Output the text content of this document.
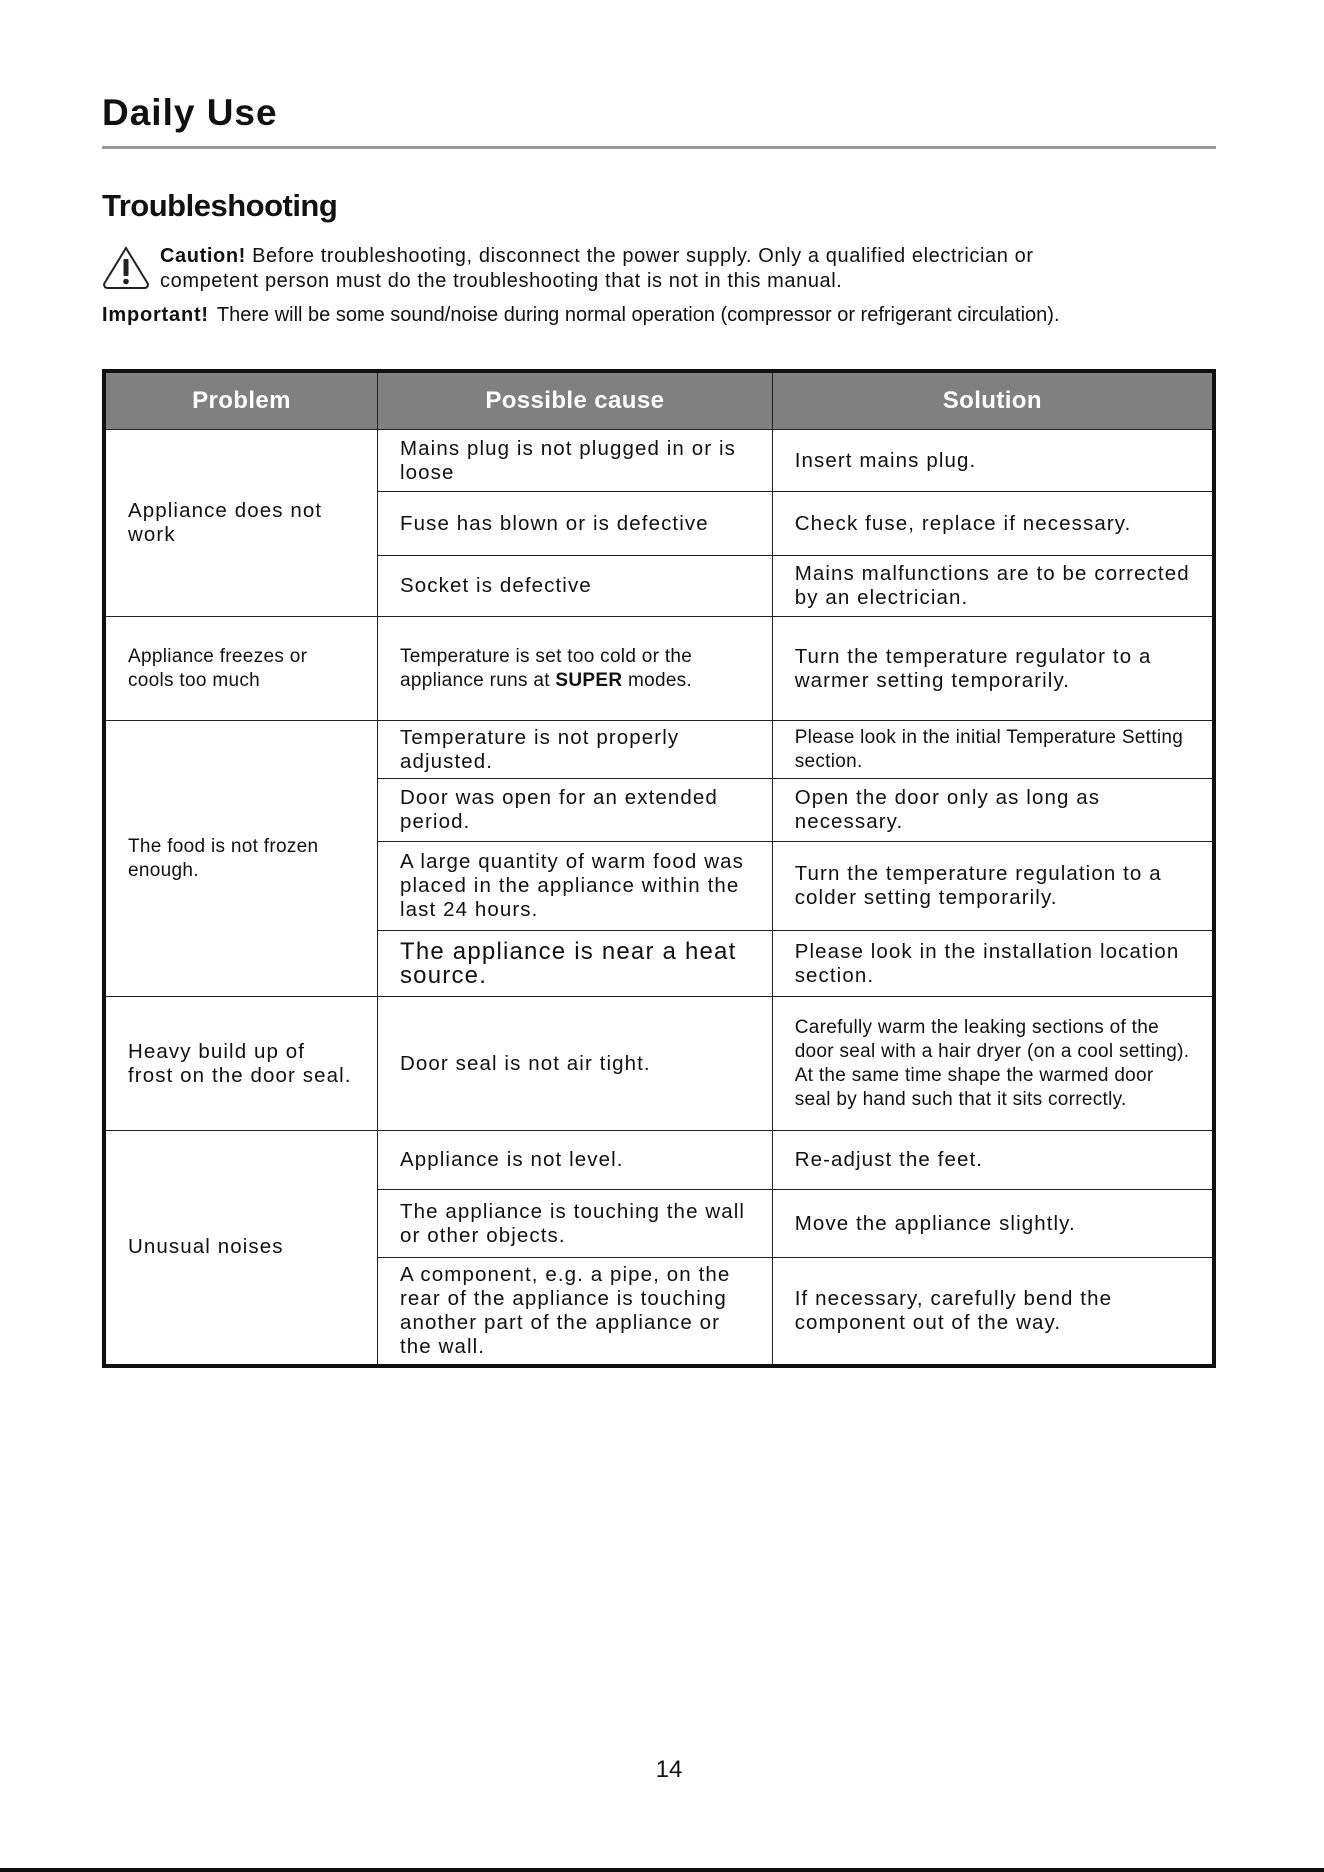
Daily Use
Troubleshooting
Caution! Before troubleshooting, disconnect the power supply. Only a qualified electrician or
competent person must do the troubleshooting that is not in this manual.
Important! There will be some sound/noise during normal operation (compressor or refrigerant circulation).
Problem	Possible cause	Solution
Appliance does not work	Mains plug is not plugged in or is loose	Insert mains plug.
	Fuse has blown or is defective	Check fuse, replace if necessary.
	Socket is defective	Mains malfunctions are to be corrected by an electrician.
Appliance freezes or cools too much	Temperature is set too cold or the appliance runs at SUPER modes.	Turn the temperature regulator to a warmer setting temporarily.
The food is not frozen enough.	Temperature is not properly adjusted.	Please look in the initial Temperature Setting section.
	Door was open for an extended period.	Open the door only as long as necessary.
	A large quantity of warm food was placed in the appliance within the last 24 hours.	Turn the temperature regulation to a colder setting temporarily.
	The appliance is near a heat source.	Please look in the installation location section.
Heavy build up of frost on the door seal.	Door seal is not air tight.	Carefully warm the leaking sections of the door seal with a hair dryer (on a cool setting). At the same time shape the warmed door seal by hand such that it sits correctly.
Unusual noises	Appliance is not level.	Re-adjust the feet.
	The appliance is touching the wall or other objects.	Move the appliance slightly.
	A component, e.g. a pipe, on the rear of the appliance is touching another part of the appliance or the wall.	If necessary, carefully bend the component out of the way.
14
